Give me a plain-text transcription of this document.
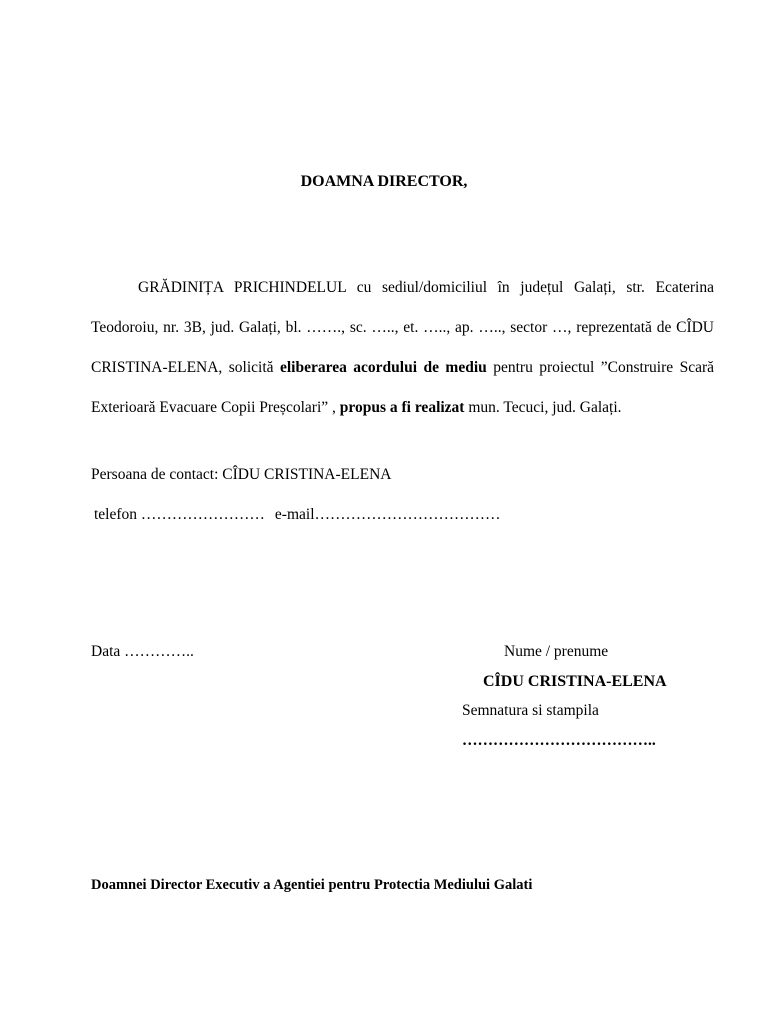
DOAMNA DIRECTOR,

GRĂDINIȚA PRICHINDELUL cu sediul/domiciliul în județul Galați, str. Ecaterina Teodoroiu, nr. 3B, jud. Galați, bl. ……., sc. ….., et. ….., ap. ….., sector …, reprezentată de CÎDU CRISTINA-ELENA, solicită eliberarea acordului de mediu pentru proiectul ”Construire Scară Exterioară Evacuare Copii Preșcolari” , propus a fi realizat mun. Tecuci, jud. Galați.

Persoana de contact: CÎDU CRISTINA-ELENA
telefon …………………… e-mail………………………………
Data …………..	Nume / prenume
CÎDU CRISTINA-ELENA
Semnatura si stampila
………………………………..
Doamnei Director Executiv a Agentiei pentru Protectia Mediului Galati
